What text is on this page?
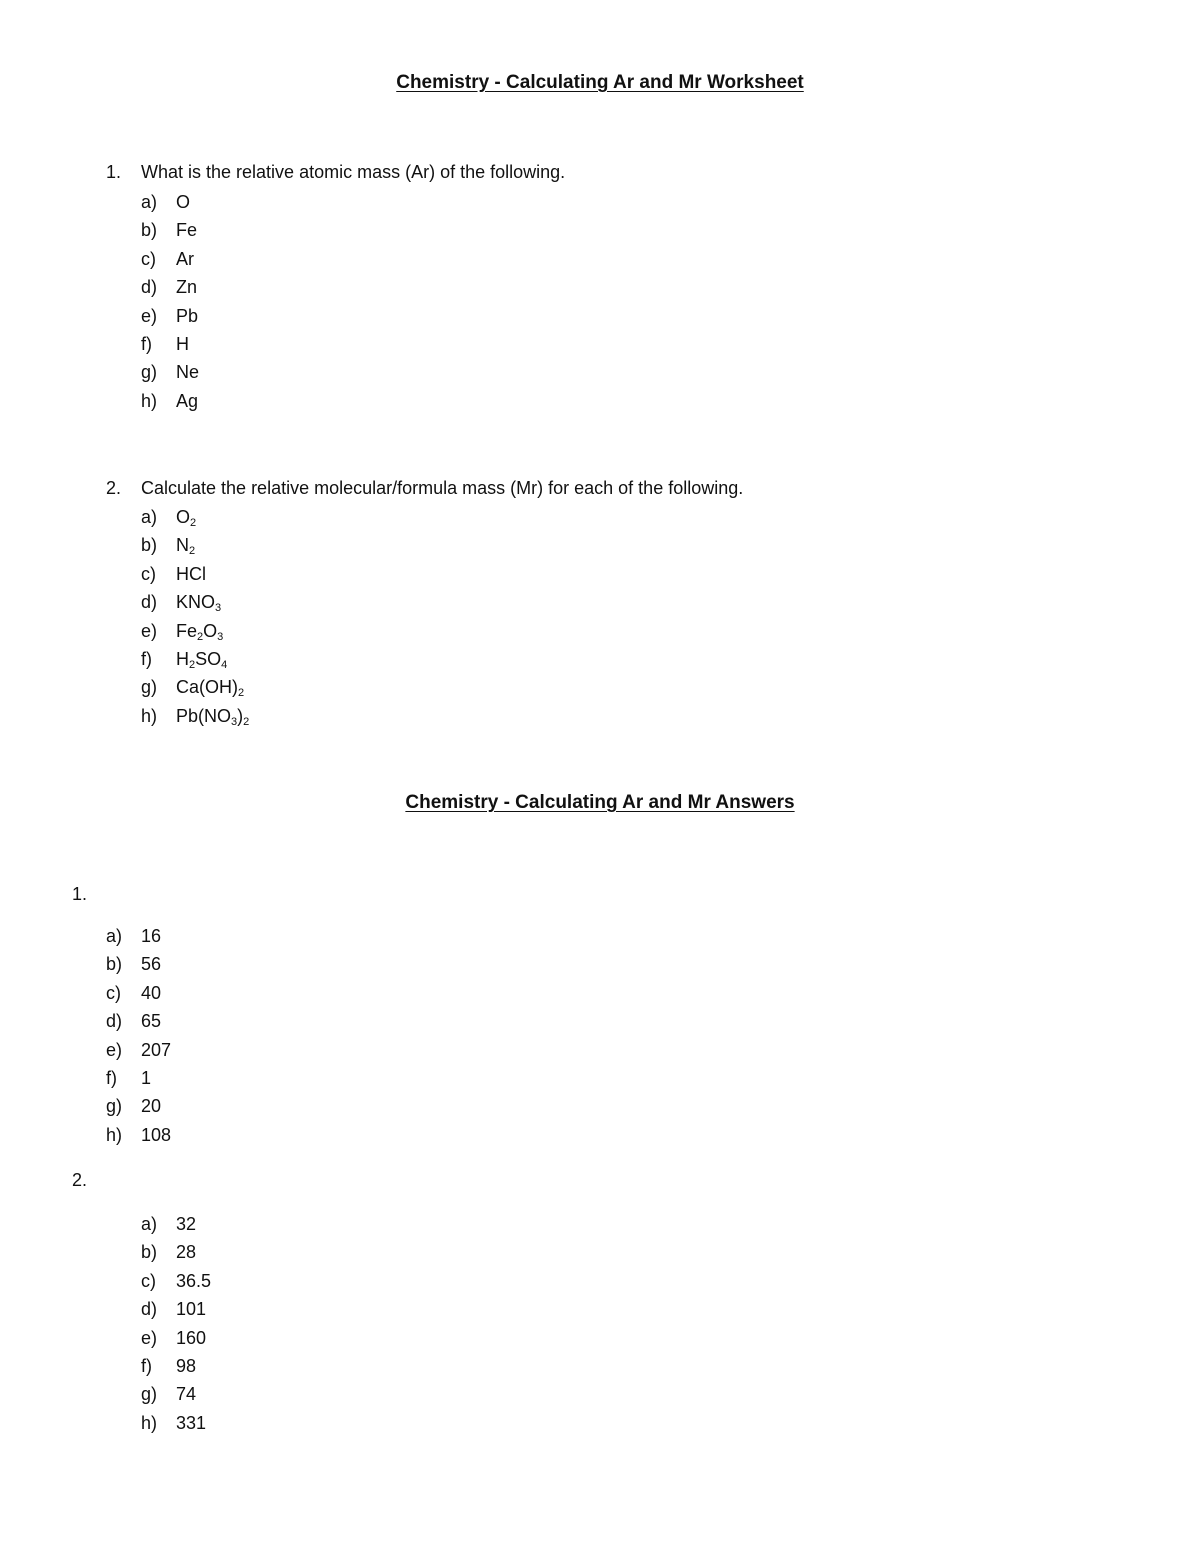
Chemistry - Calculating Ar and Mr Worksheet
1. What is the relative atomic mass (Ar) of the following.
a) O
b) Fe
c) Ar
d) Zn
e) Pb
f) H
g) Ne
h) Ag
2. Calculate the relative molecular/formula mass (Mr) for each of the following.
a) $O_2$
b) $N_2$
c) HCl
d) $KNO_3$
e) $Fe_2O_3$
f) $H_2SO_4$
g) $Ca(OH)_2$
h) $Pb(NO_3)_2$
Chemistry - Calculating Ar and Mr Answers
1.
a) 16
b) 56
c) 40
d) 65
e) 207
f) 1
g) 20
h) 108
2.
a) 32
b) 28
c) 36.5
d) 101
e) 160
f) 98
g) 74
h) 331
